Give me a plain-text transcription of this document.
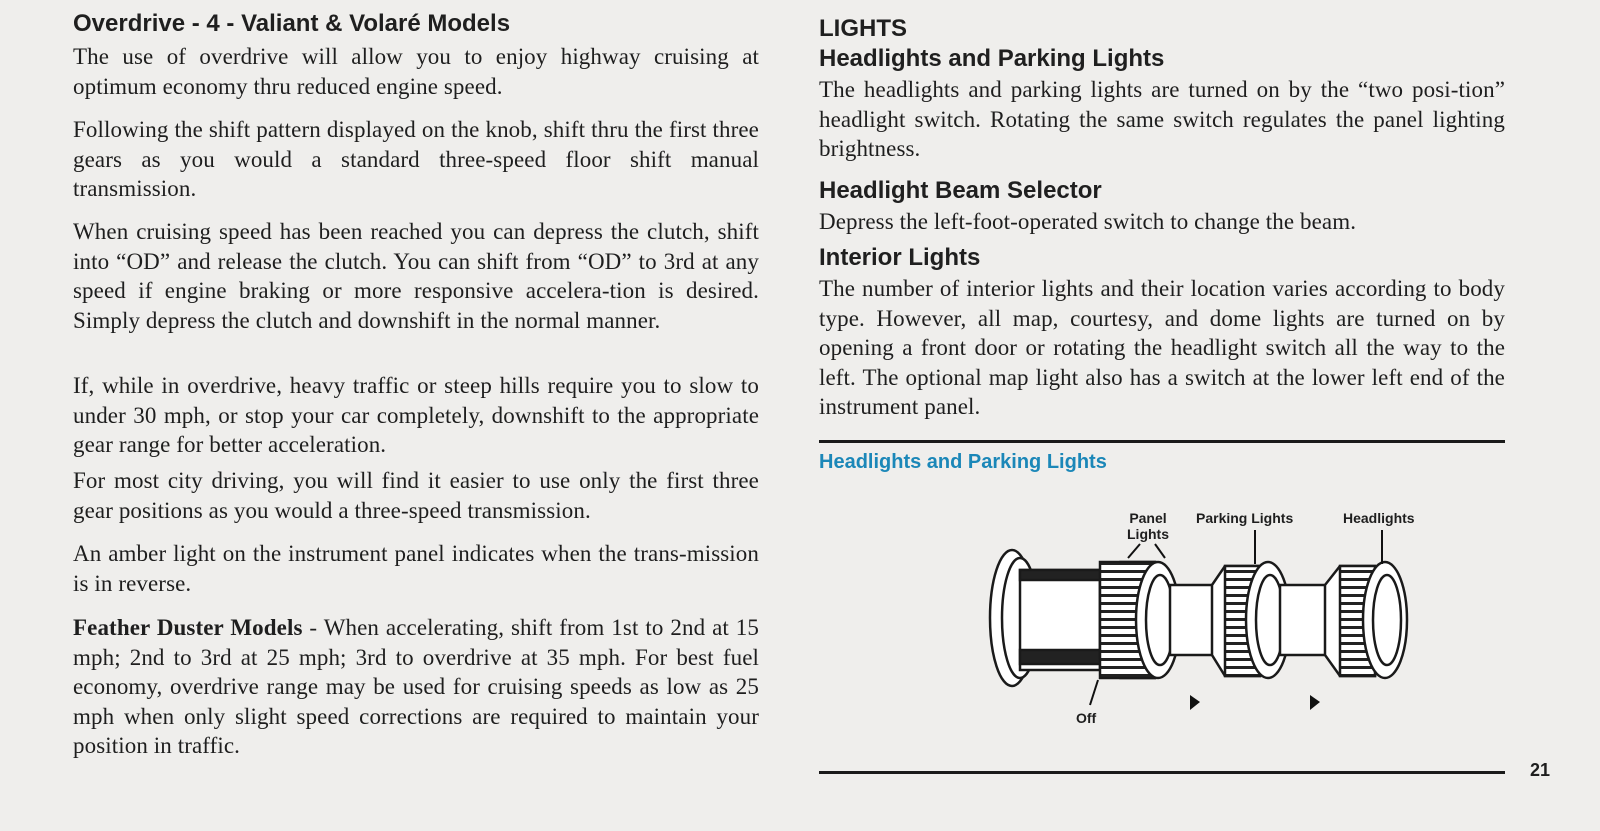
Overdrive - 4 - Valiant & Volaré Models

The use of overdrive will allow you to enjoy highway cruising at optimum economy thru reduced engine speed.

Following the shift pattern displayed on the knob, shift thru the first three gears as you would a standard three-speed floor shift manual transmission.

When cruising speed has been reached you can depress the clutch, shift into “OD” and release the clutch. You can shift from “OD” to 3rd at any speed if engine braking or more responsive accelera-tion is desired. Simply depress the clutch and downshift in the normal manner.

If, while in overdrive, heavy traffic or steep hills require you to slow to under 30 mph, or stop your car completely, downshift to the appropriate gear range for better acceleration.

For most city driving, you will find it easier to use only the first three gear positions as you would a three-speed transmission.

An amber light on the instrument panel indicates when the trans-mission is in reverse.

Feather Duster Models - When accelerating, shift from 1st to 2nd at 15 mph; 2nd to 3rd at 25 mph; 3rd to overdrive at 35 mph. For best fuel economy, overdrive range may be used for cruising speeds as low as 25 mph when only slight speed corrections are required to maintain your position in traffic.

LIGHTS
Headlights and Parking Lights

The headlights and parking lights are turned on by the “two posi-tion” headlight switch. Rotating the same switch regulates the panel lighting brightness.

Headlight Beam Selector

Depress the left-foot-operated switch to change the beam.

Interior Lights

The number of interior lights and their location varies according to body type. However, all map, courtesy, and dome lights are turned on by opening a front door or rotating the headlight switch all the way to the left. The optional map light also has a switch at the lower left end of the instrument panel.

Headlights and Parking Lights
Panel Lights
Parking Lights	Headlights
Off
21
